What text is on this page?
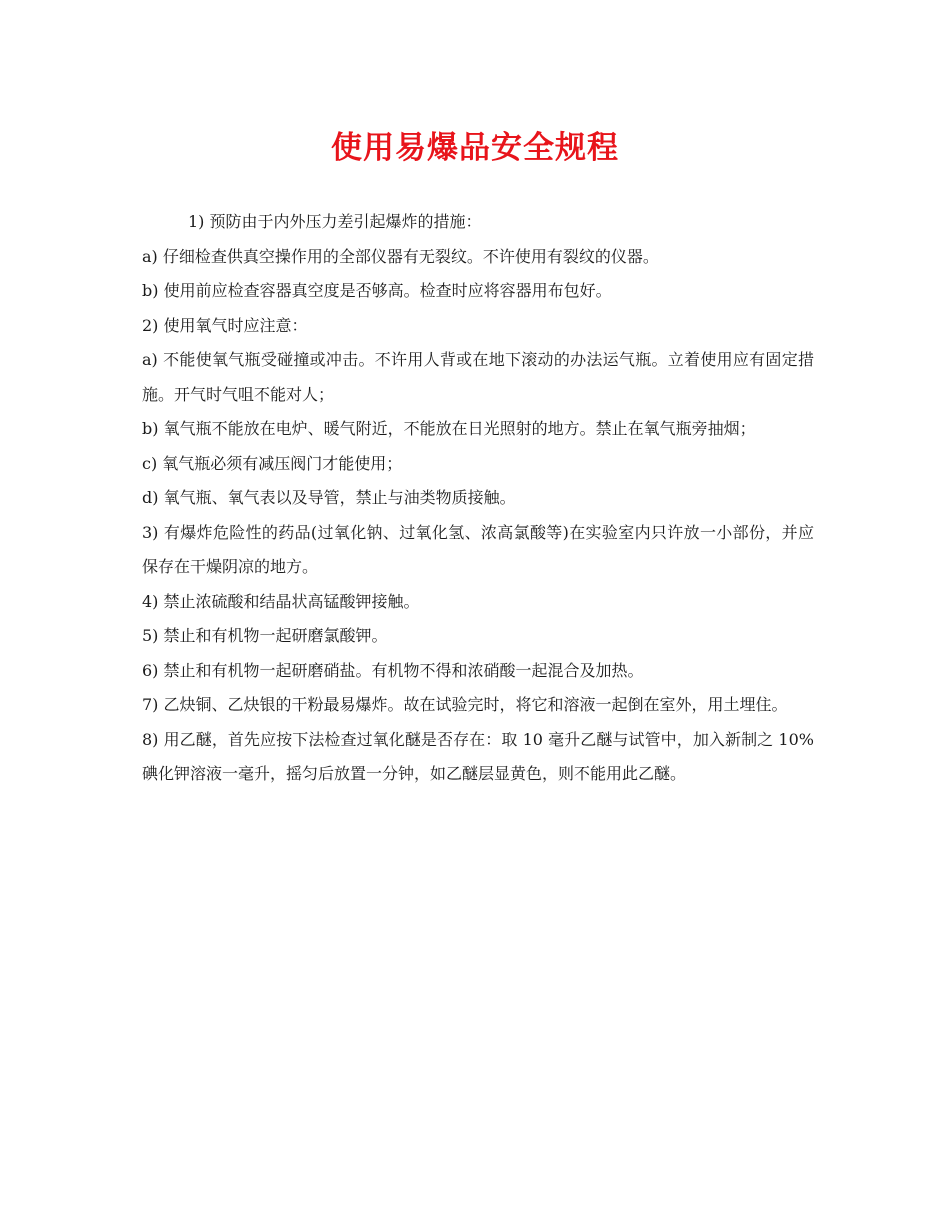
使用易爆品安全规程

1) 预防由于内外压力差引起爆炸的措施：

a) 仔细检查供真空操作用的全部仪器有无裂纹。不许使用有裂纹的仪器。

b) 使用前应检查容器真空度是否够高。检查时应将容器用布包好。

2) 使用氧气时应注意：

a) 不能使氧气瓶受碰撞或冲击。不许用人背或在地下滚动的办法运气瓶。立着使用应有固定措施。开气时气咀不能对人；

b) 氧气瓶不能放在电炉、暖气附近，不能放在日光照射的地方。禁止在氧气瓶旁抽烟；

c) 氧气瓶必须有减压阀门才能使用；

d) 氧气瓶、氧气表以及导管，禁止与油类物质接触。

3) 有爆炸危险性的药品(过氧化钠、过氧化氢、浓高氯酸等)在实验室内只许放一小部份，并应保存在干燥阴凉的地方。

4) 禁止浓硫酸和结晶状高锰酸钾接触。

5) 禁止和有机物一起研磨氯酸钾。

6) 禁止和有机物一起研磨硝盐。有机物不得和浓硝酸一起混合及加热。

7) 乙炔铜、乙炔银的干粉最易爆炸。故在试验完时，将它和溶液一起倒在室外，用土埋住。

8) 用乙醚，首先应按下法检查过氧化醚是否存在：取 10 毫升乙醚与试管中，加入新制之 10%碘化钾溶液一毫升，摇匀后放置一分钟，如乙醚层显黄色，则不能用此乙醚。
